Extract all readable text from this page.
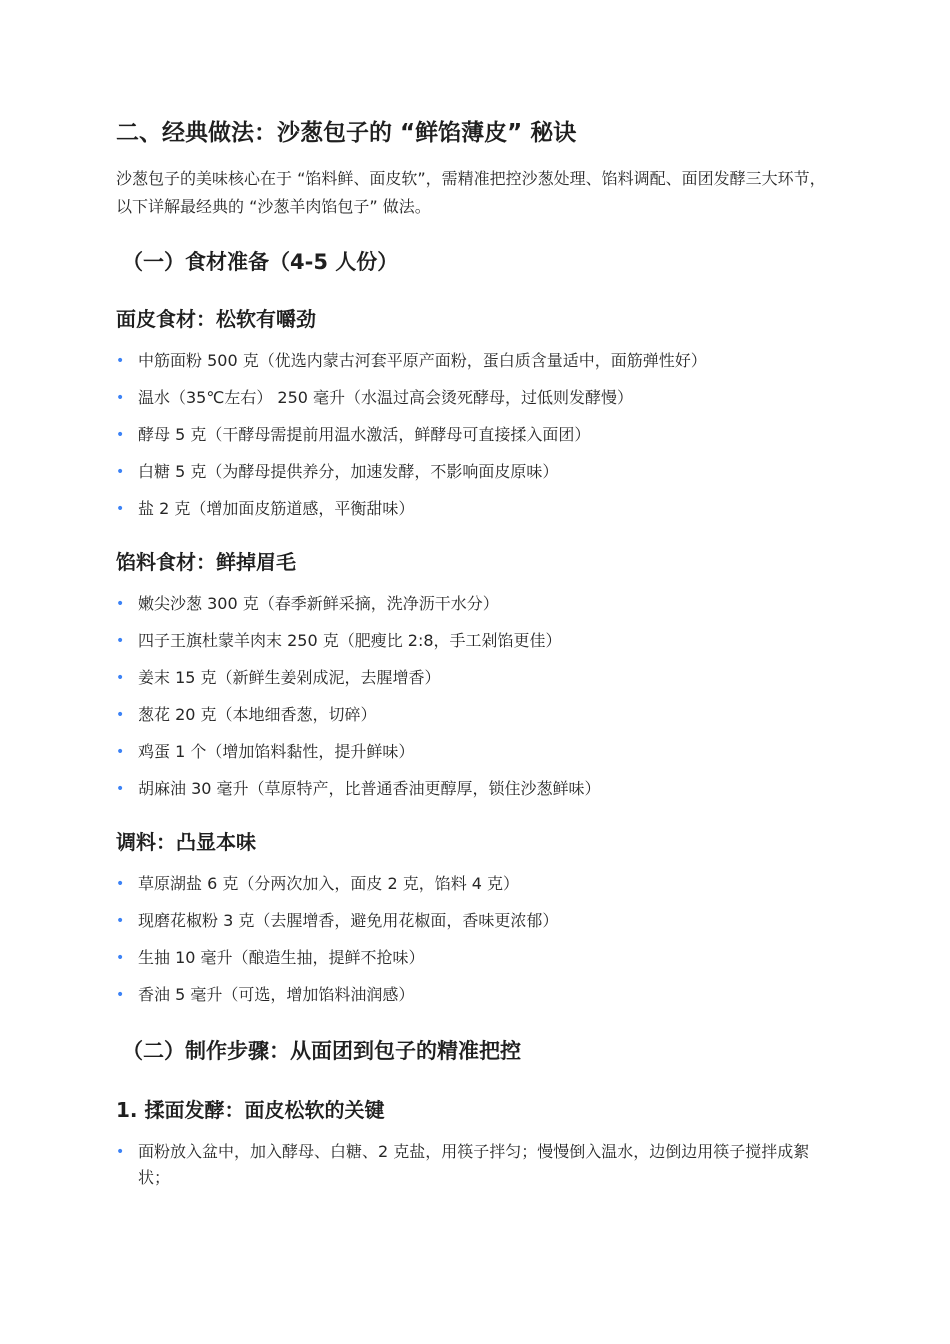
二、经典做法：沙葱包子的 “鲜馅薄皮” 秘诀
沙葱包子的美味核心在于 “馅料鲜、面皮软”，需精准把控沙葱处理、馅料调配、面团发酵三大环节，以下详解最经典的 “沙葱羊肉馅包子” 做法。
（一）食材准备（4-5 人份）
面皮食材：松软有嚼劲
• 中筋面粉 500 克（优选内蒙古河套平原产面粉，蛋白质含量适中，面筋弹性好）
• 温水（35℃左右） 250 毫升（水温过高会烫死酵母，过低则发酵慢）
• 酵母 5 克（干酵母需提前用温水激活，鲜酵母可直接揉入面团）
• 白糖 5 克（为酵母提供养分，加速发酵，不影响面皮原味）
• 盐 2 克（增加面皮筋道感，平衡甜味）
馅料食材：鲜掉眉毛
• 嫩尖沙葱 300 克（春季新鲜采摘，洗净沥干水分）
• 四子王旗杜蒙羊肉末 250 克（肥瘦比 2:8，手工剁馅更佳）
• 姜末 15 克（新鲜生姜剁成泥，去腥增香）
• 葱花 20 克（本地细香葱，切碎）
• 鸡蛋 1 个（增加馅料黏性，提升鲜味）
• 胡麻油 30 毫升（草原特产，比普通香油更醇厚，锁住沙葱鲜味）
调料：凸显本味
• 草原湖盐 6 克（分两次加入，面皮 2 克，馅料 4 克）
• 现磨花椒粉 3 克（去腥增香，避免用花椒面，香味更浓郁）
• 生抽 10 毫升（酿造生抽，提鲜不抢味）
• 香油 5 毫升（可选，增加馅料油润感）
（二）制作步骤：从面团到包子的精准把控
1. 揉面发酵：面皮松软的关键
• 面粉放入盆中，加入酵母、白糖、2 克盐，用筷子拌匀；慢慢倒入温水，边倒边用筷子搅拌成絮状；
